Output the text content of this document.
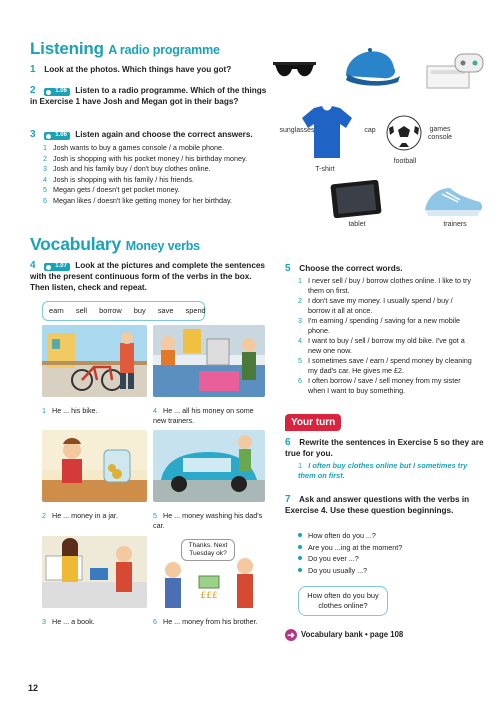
Listening A radio programme
1 Look at the photos. Which things have you got?
2	1.06 Listen to a radio programme. Which of the things in Exercise 1 have Josh and Megan got in their bags?
3	1.06 Listen again and choose the correct answers.
1 Josh wants to buy a games console / a mobile phone.
2 Josh is shopping with his pocket money / his birthday money.
3 Josh and his family buy / don't buy clothes online.
4 Josh is shopping with his family / his friends.
5 Megan gets / doesn't get pocket money.
6 Megan likes / doesn't like getting money for her birthday.
sunglasses	cap	games console
T-shirt
football
tablet	trainers
Vocabulary Money verbs
4	1.07 Look at the pictures and complete the sentences with the present continuous form of the verbs in the box. Then listen, check and repeat.
earn  sell  borrow  buy  save  spend
1 He ... his bike.	4 He ... all his money on some new trainers.
2 He ... money in a jar.	5 He ... money washing his dad's car.
£££
Thanks. Next Tuesday ok?
3 He ... a book.	6 He ... money from his brother.
5 Choose the correct words.
1 I never sell / buy / borrow clothes online. I like to try them on first.
2 I don't save my money. I usually spend / buy / borrow it all at once.
3 I'm earning / spending / saving for a new mobile phone.
4 I want to buy / sell / borrow my old bike. I've got a new one now.
5 I sometimes save / earn / spend money by cleaning my dad's car. He gives me £2.
6 I often borrow / save / sell money from my sister when I want to buy something.
Your turn
6 Rewrite the sentences in Exercise 5 so they are true for you.
1 I often buy clothes online but I sometimes try them on first.
7 Ask and answer questions with the verbs in Exercise 4. Use these question beginnings.
How often do you ...?
Are you ...ing at the moment?
Do you ever ...?
Do you usually ...?
How often do you buy clothes online?
➜ Vocabulary bank • page 108
12
